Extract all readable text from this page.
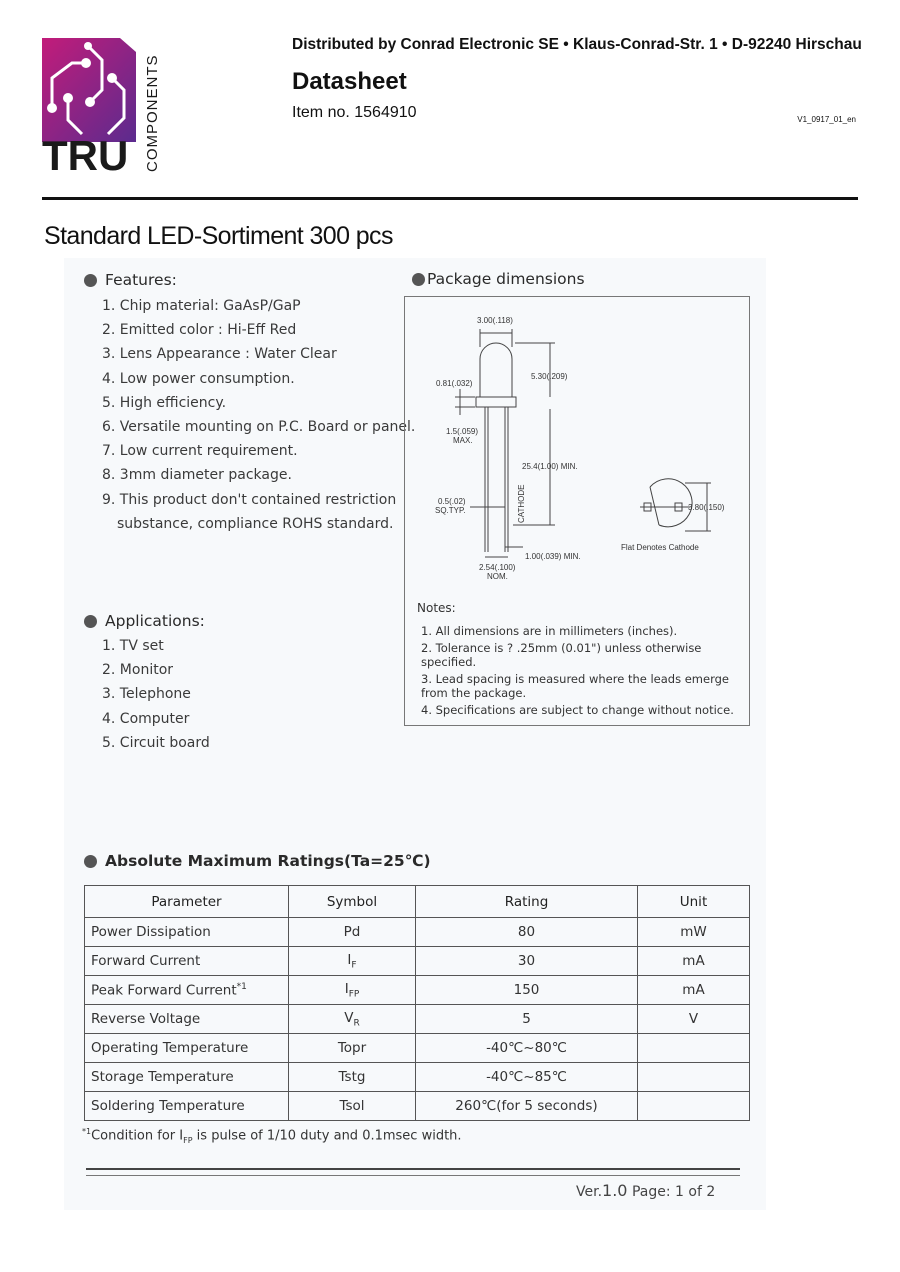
TRU COMPONENTS
Distributed by Conrad Electronic SE • Klaus-Conrad-Str. 1 • D-92240 Hirschau
Datasheet
Item no. 1564910	V1_0917_01_en
Standard LED-Sortiment 300 pcs
Features:
1. Chip material: GaAsP/GaP
2. Emitted color : Hi-Eff Red
3. Lens Appearance : Water Clear
4. Low power consumption.
5. High efficiency.
6. Versatile mounting on P.C. Board or panel.
7. Low current requirement.
8. 3mm diameter package.
9. This product don't contained restriction
substance, compliance ROHS standard.
Applications:
1. TV set
2. Monitor
3. Telephone
4. Computer
5. Circuit board
Package dimensions
3.00(.118)
5.30(.209)
0.81(.032)
1.5(.059)
MAX.
25.4(1.00) MIN.
CATHODE
0.5(.02)
SQ.TYP.
1.00(.039) MIN.
2.54(.100)
NOM.
3.80(.150)
Flat Denotes Cathode
Notes:
1. All dimensions are in millimeters (inches).
2. Tolerance is ? .25mm (0.01") unless otherwise specified.
3. Lead spacing is measured where the leads emerge from the package.
4. Specifications are subject to change without notice.
Absolute Maximum Ratings(Ta=25℃)
Parameter	Symbol	Rating	Unit
Power Dissipation	Pd	80	mW
Forward Current	$I_F$	30	mA
Peak Forward Current$^{*1}$	$I_{FP}$	150	mA
Reverse Voltage	$V_R$	5	V
Operating Temperature	Topr	-40℃~80℃	
Storage Temperature	Tstg	-40℃~85℃	
Soldering Temperature	Tsol	260℃(for 5 seconds)	
$^{*1}$Condition for $I_{FP}$ is pulse of 1/10 duty and 0.1msec width.
Ver.1.0 Page: 1 of 2
